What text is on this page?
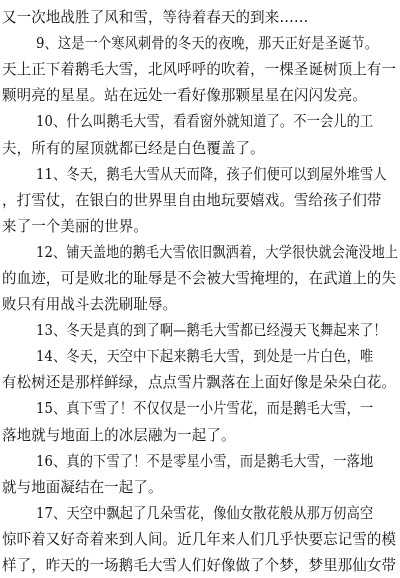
又一次地战胜了风和雪，等待着春天的到来……
9、这是一个寒风刺骨的冬天的夜晚，那天正好是圣诞节。
天上正下着鹅毛大雪，北风呼呼的吹着，一棵圣诞树顶上有一
颗明亮的星星。站在远处一看好像那颗星星在闪闪发亮。
10、什么叫鹅毛大雪，看看窗外就知道了。不一会儿的工
夫，所有的屋顶就都已经是白色覆盖了。
11、冬天，鹅毛大雪从天而降，孩子们便可以到屋外堆雪人
，打雪仗，在银白的世界里自由地玩要嬉戏。雪给孩子们带
来了一个美丽的世界。
12、铺天盖地的鹅毛大雪依旧飘洒着，大学很快就会淹没地上
的血迹，可是败北的耻辱是不会被大雪掩埋的，在武道上的失
败只有用战斗去洗刷耻辱。
13、冬天是真的到了啊—鹅毛大雪都已经漫天飞舞起来了！
14、冬天，天空中下起来鹅毛大雪，到处是一片白色，唯
有松树还是那样鲜绿，点点雪片飘落在上面好像是朵朵白花。
15、真下雪了！不仅仅是一小片雪花，而是鹅毛大雪，一
落地就与地面上的冰层融为一起了。
16、真的下雪了！不是零星小雪，而是鹅毛大雪，一落地
就与地面凝结在一起了。
17、天空中飘起了几朵雪花，像仙女散花般从那万仞高空
惊吓着又好奇着来到人间。近几年来人们几乎快要忘记雪的模
样了，昨天的一场鹅毛大雪人们好像做了个梦，梦里那仙女带
